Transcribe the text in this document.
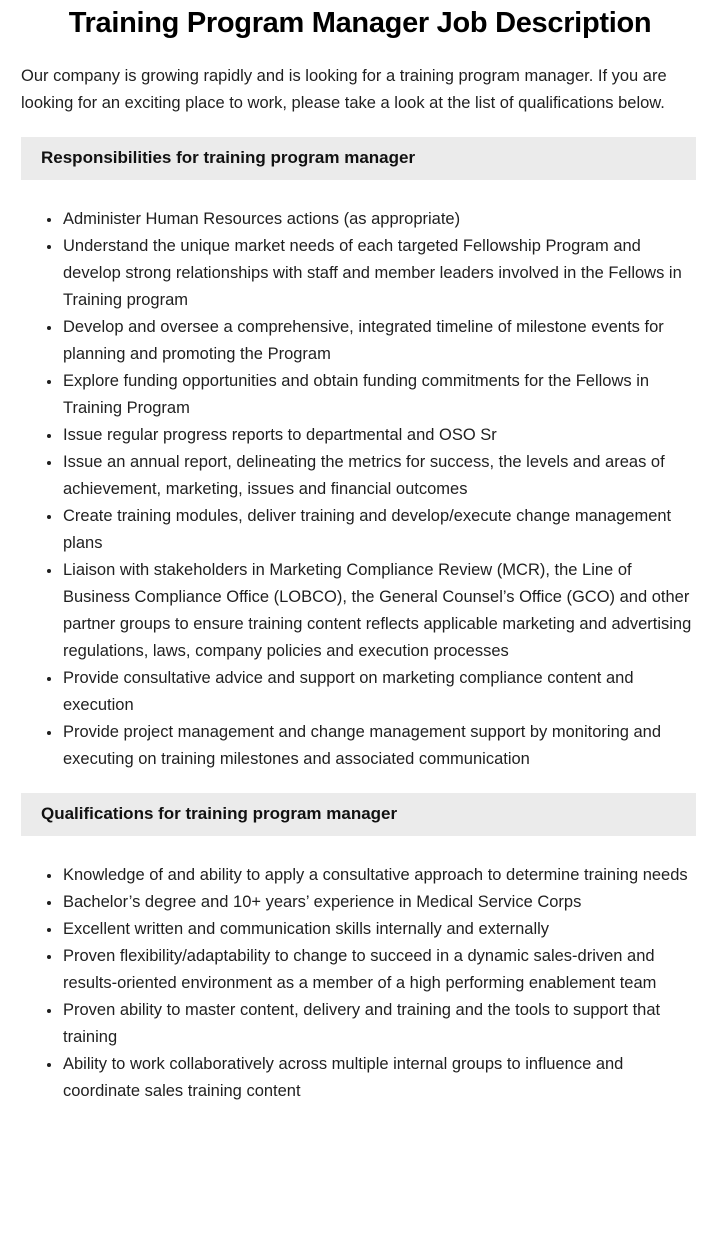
Training Program Manager Job Description

Our company is growing rapidly and is looking for a training program manager. If you are looking for an exciting place to work, please take a look at the list of qualifications below.

Responsibilities for training program manager
• Administer Human Resources actions (as appropriate)
• Understand the unique market needs of each targeted Fellowship Program and develop strong relationships with staff and member leaders involved in the Fellows in Training program
• Develop and oversee a comprehensive, integrated timeline of milestone events for planning and promoting the Program
• Explore funding opportunities and obtain funding commitments for the Fellows in Training Program
• Issue regular progress reports to departmental and OSO Sr
• Issue an annual report, delineating the metrics for success, the levels and areas of achievement, marketing, issues and financial outcomes
• Create training modules, deliver training and develop/execute change management plans
• Liaison with stakeholders in Marketing Compliance Review (MCR), the Line of Business Compliance Office (LOBCO), the General Counsel’s Office (GCO) and other partner groups to ensure training content reflects applicable marketing and advertising regulations, laws, company policies and execution processes
• Provide consultative advice and support on marketing compliance content and execution
• Provide project management and change management support by monitoring and executing on training milestones and associated communication
Qualifications for training program manager
• Knowledge of and ability to apply a consultative approach to determine training needs
• Bachelor’s degree and 10+ years’ experience in Medical Service Corps
• Excellent written and communication skills internally and externally
• Proven flexibility/adaptability to change to succeed in a dynamic sales-driven and results-oriented environment as a member of a high performing enablement team
• Proven ability to master content, delivery and training and the tools to support that training
• Ability to work collaboratively across multiple internal groups to influence and coordinate sales training content
